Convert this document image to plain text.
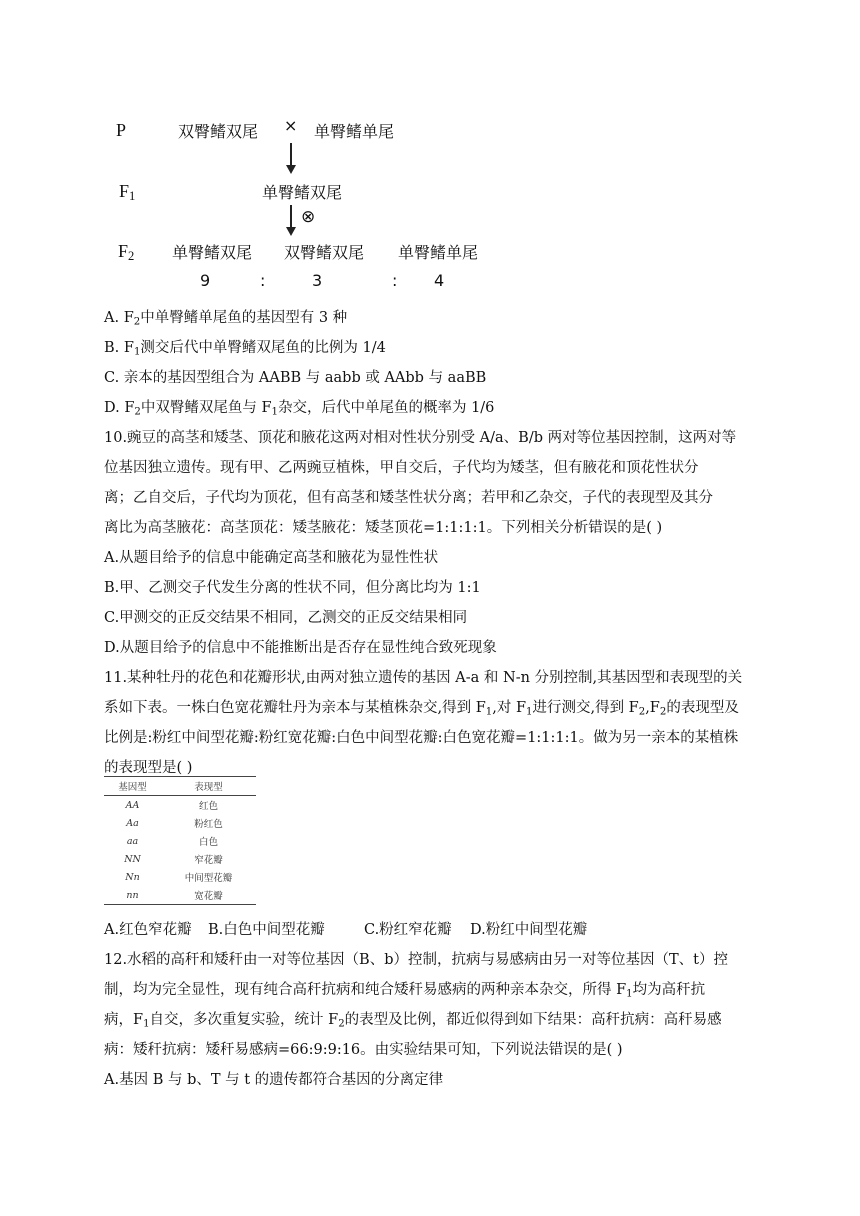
P	双臀鳍双尾 × 单臀鳍单尾
$F_1$	单臀鳍双尾
⊗
$F_2$ 单臀鳍双尾 双臀鳍双尾 单臀鳍单尾
9	:	3	: 4
A. $F_2$中单臀鳍单尾鱼的基因型有 3 种
B. $F_1$测交后代中单臀鳍双尾鱼的比例为 1/4
C. 亲本的基因型组合为 AABB 与 aabb 或 AAbb 与 aaBB
D. $F_2$中双臀鳍双尾鱼与 $F_1$杂交，后代中单尾鱼的概率为 1/6
10.豌豆的高茎和矮茎、顶花和腋花这两对相对性状分别受 A/a、B/b 两对等位基因控制，这两对等
位基因独立遗传。现有甲、乙两豌豆植株，甲自交后，子代均为矮茎，但有腋花和顶花性状分
离；乙自交后，子代均为顶花，但有高茎和矮茎性状分离；若甲和乙杂交，子代的表现型及其分
离比为高茎腋花：高茎顶花：矮茎腋花：矮茎顶花=1:1:1:1。下列相关分析错误的是( )
A.从题目给予的信息中能确定高茎和腋花为显性性状
B.甲、乙测交子代发生分离的性状不同，但分离比均为 1:1
C.甲测交的正反交结果不相同，乙测交的正反交结果相同
D.从题目给予的信息中不能推断出是否存在显性纯合致死现象
11.某种牡丹的花色和花瓣形状,由两对独立遗传的基因 A-a 和 N-n 分别控制,其基因型和表现型的关
系如下表。一株白色宽花瓣牡丹为亲本与某植株杂交,得到 $F_1$,对 $F_1$进行测交,得到 $F_2,F_2$的表现型及
比例是:粉红中间型花瓣:粉红宽花瓣:白色中间型花瓣:白色宽花瓣=1:1:1:1。做为另一亲本的某植株
的表现型是( )
基因型	表现型
AA	红色
Aa	粉红色
aa	白色
NN	窄花瓣
Nn	中间型花瓣
nn	宽花瓣
A.红色窄花瓣 B.白色中间型花瓣	C.粉红窄花瓣 D.粉红中间型花瓣
12.水稻的高秆和矮秆由一对等位基因（B、b）控制，抗病与易感病由另一对等位基因（T、t）控
制，均为完全显性，现有纯合高秆抗病和纯合矮秆易感病的两种亲本杂交，所得 $F_1$均为高秆抗
病，$F_1$自交，多次重复实验，统计 $F_2$的表型及比例，都近似得到如下结果：高秆抗病：高秆易感
病：矮秆抗病：矮秆易感病=66:9:9:16。由实验结果可知，下列说法错误的是( )
A.基因 B 与 b、T 与 t 的遗传都符合基因的分离定律
